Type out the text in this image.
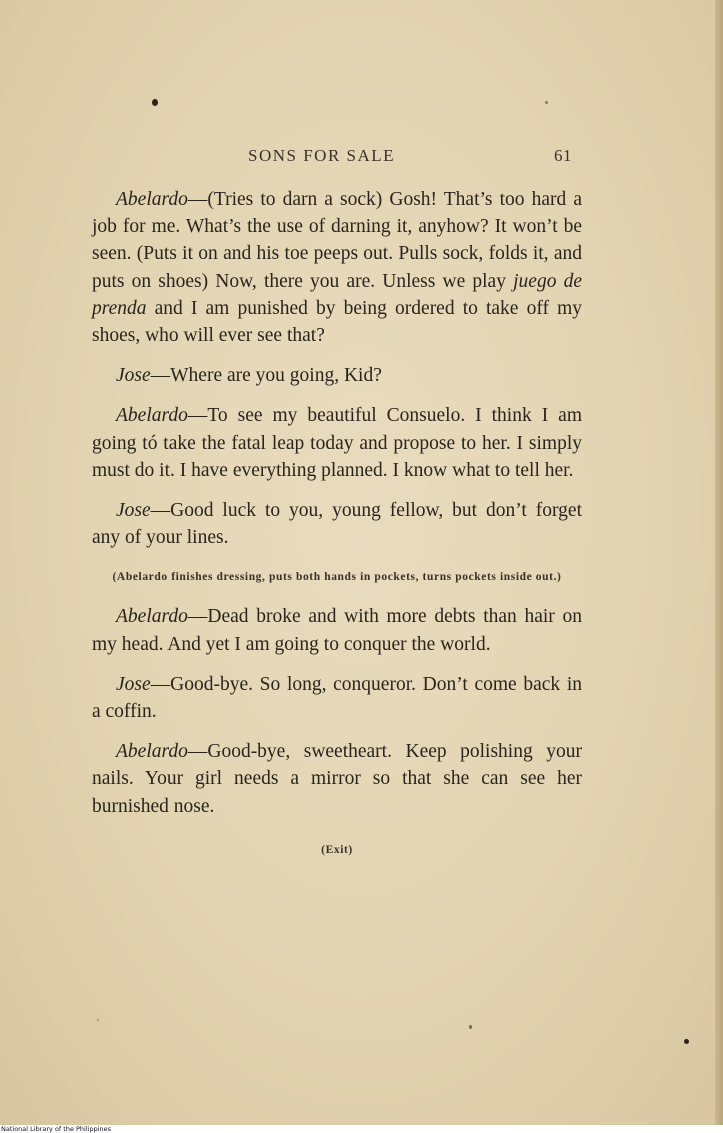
SONS FOR SALE	61

Abelardo—(Tries to darn a sock) Gosh! That’s too hard a job for me. What’s the use of darning it, anyhow? It won’t be seen. (Puts it on and his toe peeps out. Pulls sock, folds it, and puts on shoes) Now, there you are. Unless we play juego de prenda and I am punished by being ordered to take off my shoes, who will ever see that?

Jose—Where are you going, Kid?

Abelardo—To see my beautiful Consuelo. I think I am going tó take the fatal leap today and propose to her. I simply must do it. I have everything planned. I know what to tell her.

Jose—Good luck to you, young fellow, but don’t forget any of your lines.

(Abelardo finishes dressing, puts both hands in pockets, turns pockets inside out.)

Abelardo—Dead broke and with more debts than hair on my head. And yet I am going to conquer the world.

Jose—Good-bye. So long, conqueror. Don’t come back in a coffin.

Abelardo—Good-bye, sweetheart. Keep polishing your nails. Your girl needs a mirror so that she can see her burnished nose.

(Exit)
National Library of the Philippines
